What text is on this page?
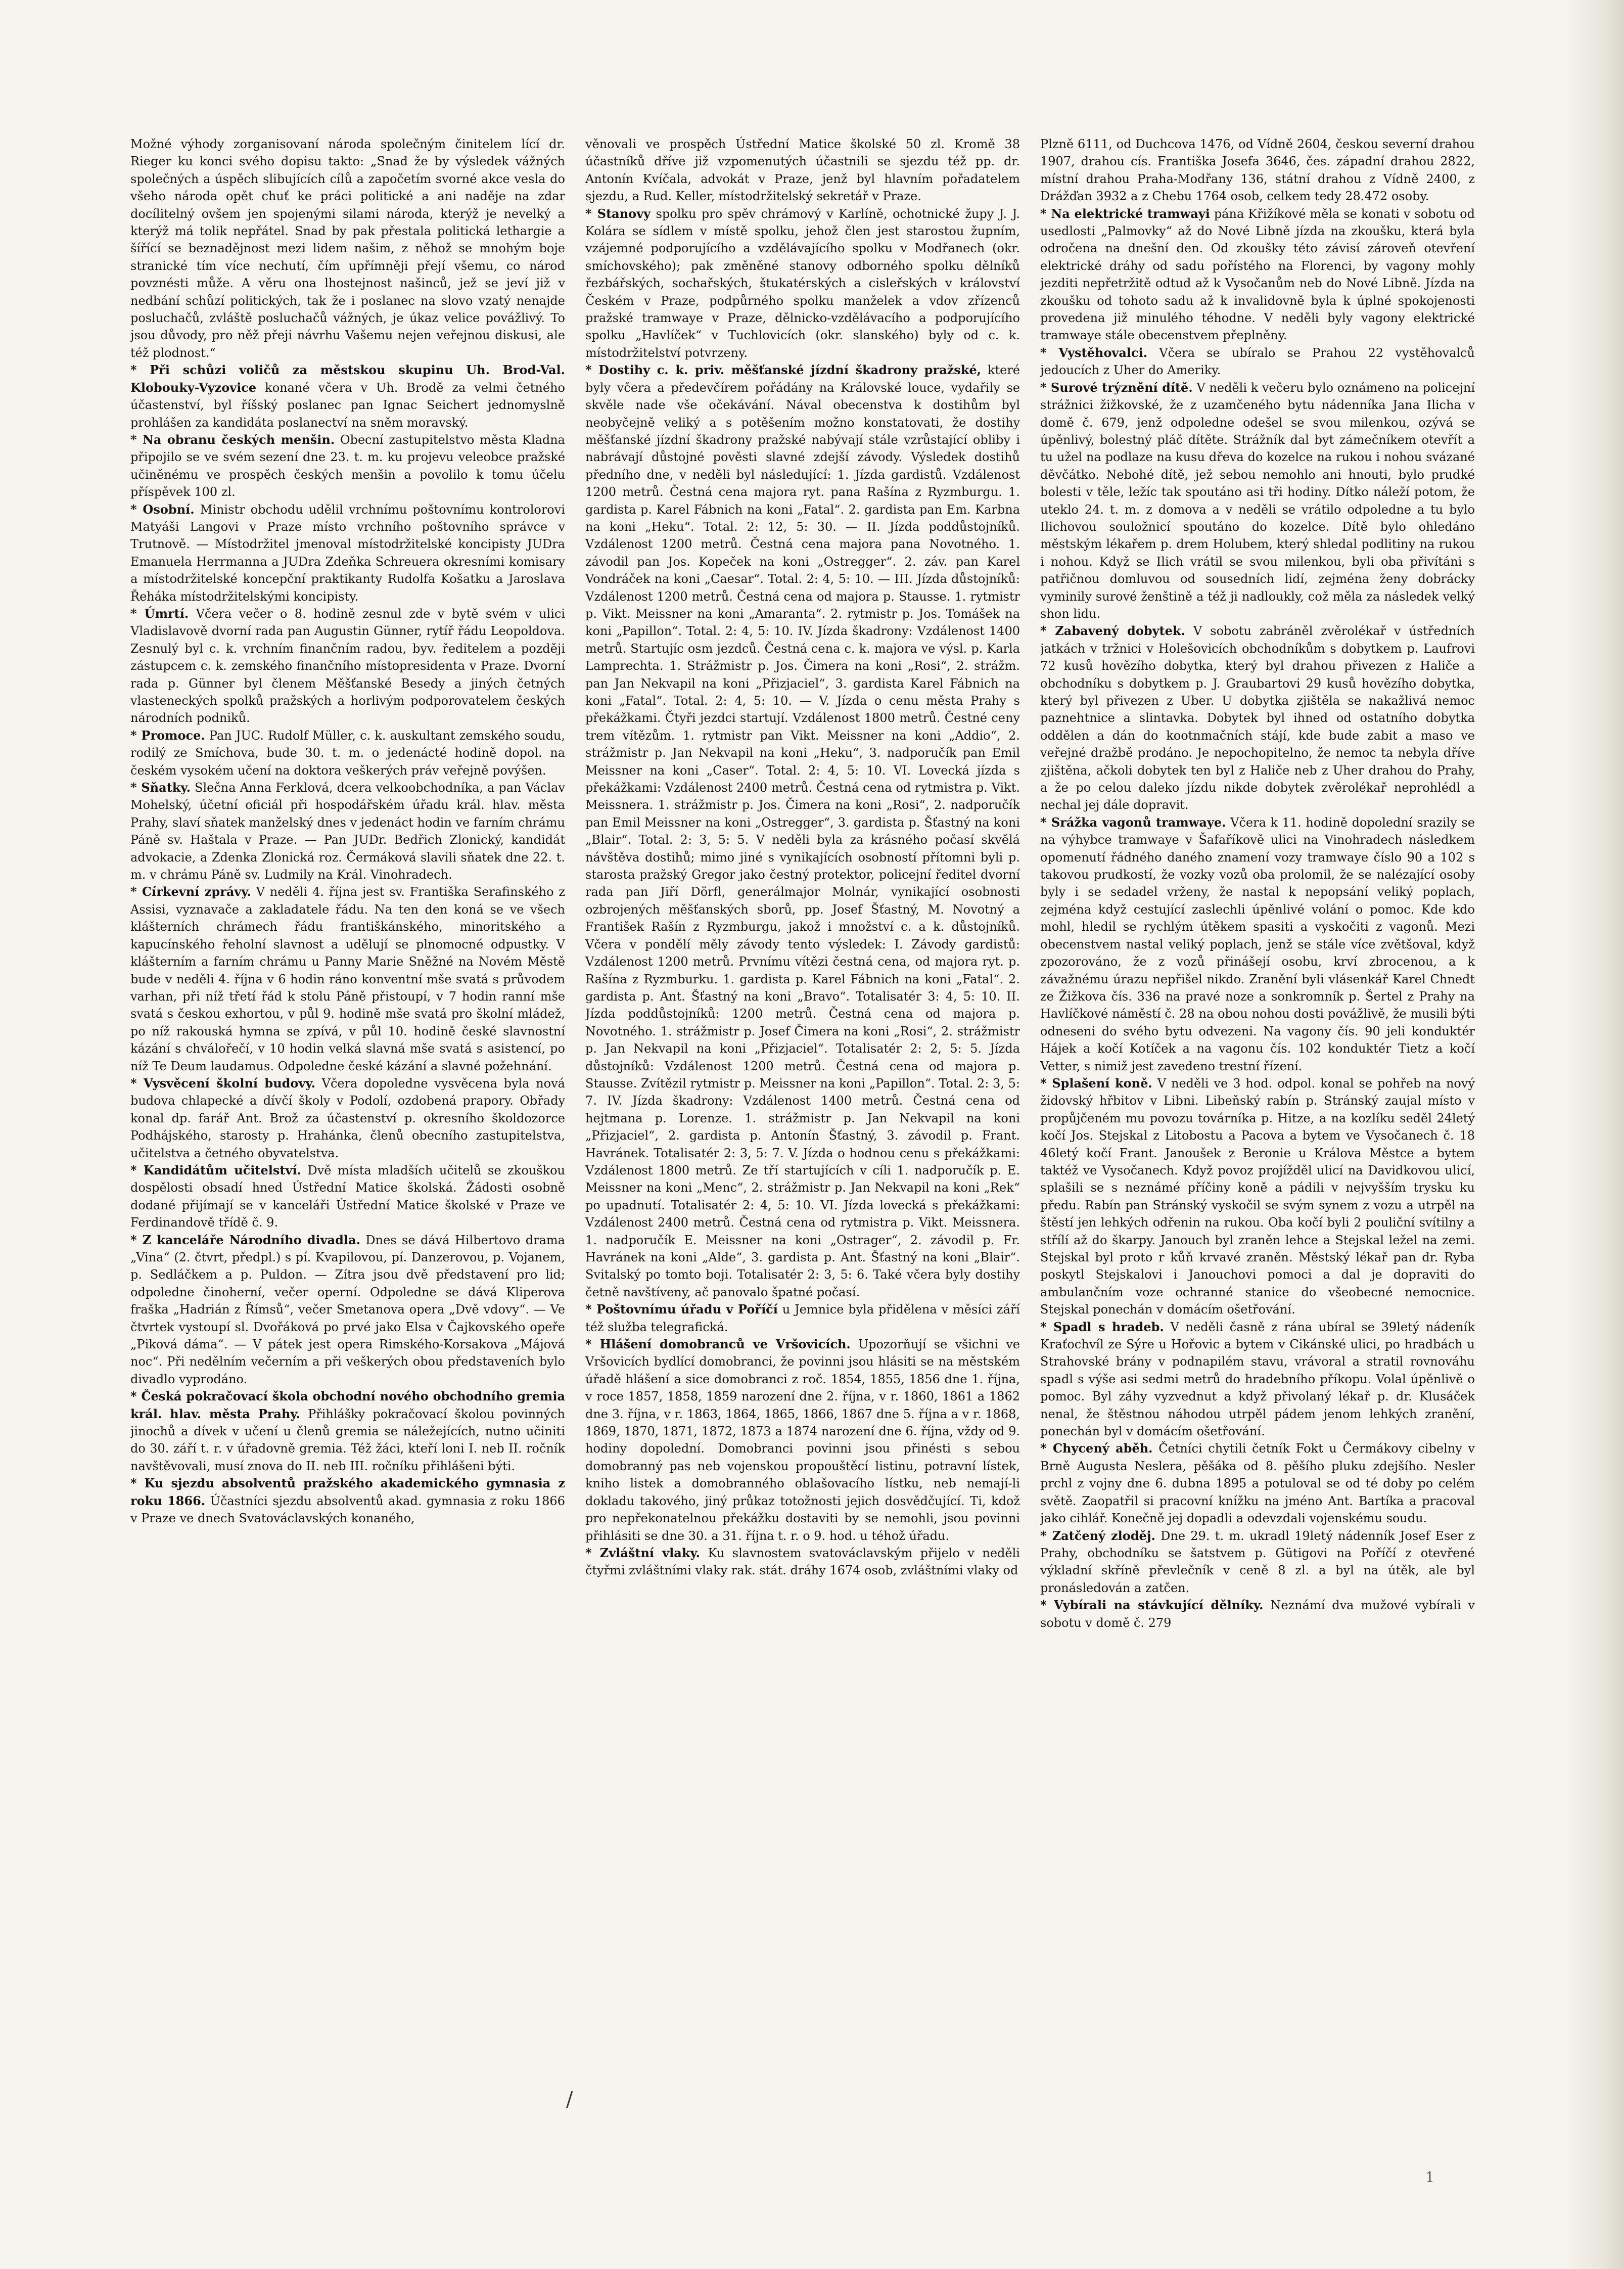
Možné výhody zorganisovaní národa společným činitelem lící dr. Rieger ku konci svého dopisu takto: „Snad že by výsledek vážných společných a úspěch slibujících cílů a započetím svorné akce vesla do všeho národa opět chuť ke práci politické a ani naděje na zdar docílitelný ovšem jen spojenými silami národa, kterýž je nevelký a kterýž má tolik nepřátel. Snad by pak přestala politická lethargie a šířící se beznadějnost mezi lidem našim, z něhož se mnohým boje stranické tím více nechutí, čím upřímněji přejí všemu, co národ povznésti může. A věru ona lhostejnost našinců, jež se jeví již v nedbání schůzí politických, tak že i poslanec na slovo vzatý nenajde posluchačů, zvláště posluchačů vážných, je úkaz velice povážlivý. To jsou důvody, pro něž přeji návrhu Vašemu nejen veřejnou diskusi, ale též plodnost.“

* Při schůzi voličů za městskou skupinu Uh. Brod-Val. Klobouky-Vyzovice konané včera v Uh. Brodě za velmi četného účastenství, byl říšský poslanec pan Ignac Seichert jednomyslně prohlášen za kandidáta poslanectví na sněm moravský.

* Na obranu českých menšin. Obecní zastupitelstvo města Kladna připojilo se ve svém sezení dne 23. t. m. ku projevu veleobce pražské učiněnému ve prospěch českých menšin a povolilo k tomu účelu příspěvek 100 zl.

* Osobní. Ministr obchodu udělil vrchnímu poštovnímu kontrolorovi Matyáši Langovi v Praze místo vrchního poštovního správce v Trutnově. — Místodržitel jmenoval místodržitelské koncipisty JUDra Emanuela Herrmanna a JUDra Zdeňka Schreuera okresními komisary a místodržitelské koncepční praktikanty Rudolfa Košatku a Jaroslava Řeháka místodržitelskými koncipisty.

* Úmrtí. Včera večer o 8. hodině zesnul zde v bytě svém v ulici Vladislavově dvorní rada pan Augustin Günner, rytíř řádu Leopoldova. Zesnulý byl c. k. vrchním finančním radou, byv. ředitelem a později zástupcem c. k. zemského finančního místopresidenta v Praze. Dvorní rada p. Günner byl členem Měšťanské Besedy a jiných četných vlasteneckých spolků pražských a horlivým podporovatelem českých národních podniků.

* Promoce. Pan JUC. Rudolf Müller, c. k. auskultant zemského soudu, rodilý ze Smíchova, bude 30. t. m. o jedenácté hodině dopol. na českém vysokém učení na doktora veškerých práv veřejně povýšen.

* Sňatky. Slečna Anna Ferklová, dcera velkoobchodníka, a pan Václav Mohelský, účetní oficiál při hospodářském úřadu král. hlav. města Prahy, slaví sňatek manželský dnes v jedenáct hodin ve farním chrámu Páně sv. Haštala v Praze. — Pan JUDr. Bedřich Zlonický, kandidát advokacie, a Zdenka Zlonická roz. Čermáková slavili sňatek dne 22. t. m. v chrámu Páně sv. Ludmily na Král. Vinohradech.

* Církevní zprávy. V neděli 4. října jest sv. Františka Serafinského z Assisi, vyznavače a zakladatele řádu. Na ten den koná se ve všech klášterních chrámech řádu františkánského, minoritského a kapucínského řeholní slavnost a udělují se plnomocné odpustky. V klášterním a farním chrámu u Panny Marie Sněžné na Novém Městě bude v neděli 4. října v 6 hodin ráno konventní mše svatá s průvodem varhan, při níž třetí řád k stolu Páně přistoupí, v 7 hodin ranní mše svatá s českou exhortou, v půl 9. hodině mše svatá pro školní mládež, po níž rakouská hymna se zpívá, v půl 10. hodině české slavnostní kázání s chválořečí, v 10 hodin velká slavná mše svatá s asistencí, po níž Te Deum laudamus. Odpoledne české kázání a slavné požehnání.

* Vysvěcení školní budovy. Včera dopoledne vysvěcena byla nová budova chlapecké a dívčí školy v Podolí, ozdobená prapory. Obřady konal dp. farář Ant. Brož za účastenství p. okresního školdozorce Podhájského, starosty p. Hrahánka, členů obecního zastupitelstva, učitelstva a četného obyvatelstva.

* Kandidátům učitelství. Dvě místa mladších učitelů se zkouškou dospělosti obsadí hned Ústřední Matice školská. Žádosti osobně dodané přijímají se v kanceláři Ústřední Matice školské v Praze ve Ferdinandově třídě č. 9.

* Z kanceláře Národního divadla. Dnes se dává Hilbertovo drama „Vina“ (2. čtvrt, předpl.) s pí. Kvapilovou, pí. Danzerovou, p. Vojanem, p. Sedláčkem a p. Puldon. — Zítra jsou dvě představení pro lid; odpoledne činoherní, večer operní. Odpoledne se dává Kliperova fraška „Hadrián z Římsů“, večer Smetanova opera „Dvě vdovy“. — Ve čtvrtek vystoupí sl. Dvořáková po prvé jako Elsa v Čajkovského opeře „Piková dáma“. — V pátek jest opera Rimského-Korsakova „Májová noc“. Při nedělním večerním a při veškerých obou představeních bylo divadlo vyprodáno.

* Česká pokračovací škola obchodní nového obchodního gremia král. hlav. města Prahy. Přihlášky pokračovací školou povinných jinochů a dívek v učení u členů gremia se náležejících, nutno učiniti do 30. září t. r. v úřadovně gremia. Též žáci, kteří loni I. neb II. ročník navštěvovali, musí znova do II. neb III. ročníku přihlášeni býti.

* Ku sjezdu absolventů pražského akademického gymnasia z roku 1866. Účastníci sjezdu absolventů akad. gymnasia z roku 1866 v Praze ve dnech Svatováclavských konaného,

věnovali ve prospěch Ústřední Matice školské 50 zl. Kromě 38 účastníků dříve již vzpomenutých účastnili se sjezdu též pp. dr. Antonín Kvíčala, advokát v Praze, jenž byl hlavním pořadatelem sjezdu, a Rud. Keller, místodržitelský sekretář v Praze.

* Stanovy spolku pro spěv chrámový v Karlíně, ochotnické župy J. J. Kolára se sídlem v místě spolku, jehož člen jest starostou župním, vzájemné podporujícího a vzdělávajícího spolku v Modřanech (okr. smíchovského); pak změněné stanovy odborného spolku dělníků řezbářských, sochařských, štukatérských a cisleřských v království Českém v Praze, podpůrného spolku manželek a vdov zřízenců pražské tramwaye v Praze, dělnicko-vzdělávacího a podporujícího spolku „Havlíček“ v Tuchlovicích (okr. slanského) byly od c. k. místodržitelství potvrzeny.

* Dostihy c. k. priv. měšťanské jízdní škadrony pražské, které byly včera a předevčírem pořádány na Královské louce, vydařily se skvěle nade vše očekávání. Nával obecenstva k dostihům byl neobyčejně veliký a s potěšením možno konstatovati, že dostihy měšťanské jízdní škadrony pražské nabývají stále vzrůstající obliby i nabrávají důstojné pověsti slavné zdejší závody. Výsledek dostihů předního dne, v neděli byl následující: 1. Jízda gardistů. Vzdálenost 1200 metrů. Čestná cena majora ryt. pana Rašína z Ryzmburgu. 1. gardista p. Karel Fábnich na koni „Fatal“. 2. gardista pan Em. Karbna na koni „Heku“. Total. 2: 12, 5: 30. — II. Jízda poddůstojníků. Vzdálenost 1200 metrů. Čestná cena majora pana Novotného. 1. závodil pan Jos. Kopeček na koni „Ostregger“. 2. záv. pan Karel Vondráček na koni „Caesar“. Total. 2: 4, 5: 10. — III. Jízda důstojníků: Vzdálenost 1200 metrů. Čestná cena od majora p. Stausse. 1. rytmistr p. Vikt. Meissner na koni „Amaranta“. 2. rytmistr p. Jos. Tomášek na koni „Papillon“. Total. 2: 4, 5: 10. IV. Jízda škadrony: Vzdálenost 1400 metrů. Startujíc osm jezdců. Čestná cena c. k. majora ve výsl. p. Karla Lamprechta. 1. Strážmistr p. Jos. Čimera na koni „Rosi“, 2. strážm. pan Jan Nekvapil na koni „Přizjaciel“, 3. gardista Karel Fábnich na koni „Fatal“. Total. 2: 4, 5: 10. — V. Jízda o cenu města Prahy s překážkami. Čtyři jezdci startují. Vzdálenost 1800 metrů. Čestné ceny trem vítězům. 1. rytmistr pan Vikt. Meissner na koni „Addio“, 2. strážmistr p. Jan Nekvapil na koni „Heku“, 3. nadporučík pan Emil Meissner na koni „Caser“. Total. 2: 4, 5: 10. VI. Lovecká jízda s překážkami: Vzdálenost 2400 metrů. Čestná cena od rytmistra p. Vikt. Meissnera. 1. strážmistr p. Jos. Čimera na koni „Rosi“, 2. nadporučík pan Emil Meissner na koni „Ostregger“, 3. gardista p. Šťastný na koni „Blair“. Total. 2: 3, 5: 5. V neděli byla za krásného počasí skvělá návštěva dostihů; mimo jiné s vynikajících osobností přítomni byli p. starosta pražský Gregor jako čestný protektor, policejní ředitel dvorní rada pan Jiří Dörfl, generálmajor Molnár, vynikající osobnosti ozbrojených měšťanských sborů, pp. Josef Šťastný, M. Novotný a František Rašín z Ryzmburgu, jakož i množství c. a k. důstojníků. Včera v pondělí měly závody tento výsledek: I. Závody gardistů: Vzdálenost 1200 metrů. Prvnímu vítězi čestná cena, od majora ryt. p. Rašína z Ryzmburku. 1. gardista p. Karel Fábnich na koni „Fatal“. 2. gardista p. Ant. Šťastný na koni „Bravo“. Totalisatér 3: 4, 5: 10. II. Jízda poddůstojníků: 1200 metrů. Čestná cena od majora p. Novotného. 1. strážmistr p. Josef Čimera na koni „Rosi“, 2. strážmistr p. Jan Nekvapil na koni „Přizjaciel“. Totalisatér 2: 2, 5: 5. Jízda důstojníků: Vzdálenost 1200 metrů. Čestná cena od majora p. Stausse. Zvítězil rytmistr p. Meissner na koni „Papillon“. Total. 2: 3, 5: 7. IV. Jízda škadrony: Vzdálenost 1400 metrů. Čestná cena od hejtmana p. Lorenze. 1. strážmistr p. Jan Nekvapil na koni „Přizjaciel“, 2. gardista p. Antonín Šťastný, 3. závodil p. Frant. Havránek. Totalisatér 2: 3, 5: 7. V. Jízda o hodnou cenu s překážkami: Vzdálenost 1800 metrů. Ze tří startujících v cíli 1. nadporučík p. E. Meissner na koni „Menc“, 2. strážmistr p. Jan Nekvapil na koni „Rek“ po upadnutí. Totalisatér 2: 4, 5: 10. VI. Jízda lovecká s překážkami: Vzdálenost 2400 metrů. Čestná cena od rytmistra p. Vikt. Meissnera. 1. nadporučík E. Meissner na koni „Ostrager“, 2. závodil p. Fr. Havránek na koni „Alde“, 3. gardista p. Ant. Šťastný na koni „Blair“. Svitalský po tomto boji. Totalisatér 2: 3, 5: 6. Také včera byly dostihy četně navštíveny, ač panovalo špatné počasí.

* Poštovnímu úřadu v Poříčí u Jemnice byla přidělena v měsíci září též služba telegrafická.

* Hlášení domobranců ve Vršovicích. Upozorňují se všichni ve Vršovicích bydlící domobranci, že povinni jsou hlásiti se na městském úřadě hlášení a sice domobranci z roč. 1854, 1855, 1856 dne 1. října, v roce 1857, 1858, 1859 narození dne 2. října, v r. 1860, 1861 a 1862 dne 3. října, v r. 1863, 1864, 1865, 1866, 1867 dne 5. října a v r. 1868, 1869, 1870, 1871, 1872, 1873 a 1874 narození dne 6. října, vždy od 9. hodiny dopolední. Domobranci povinni jsou přinésti s sebou domobranný pas neb vojenskou propouštěcí listinu, potravní lístek, kniho listek a domobranného oblašovacího lístku, neb nemají-li dokladu takového, jiný průkaz totožnosti jejich dosvědčující. Ti, kdož pro nepřekonatelnou překážku dostaviti by se nemohli, jsou povinni přihlásiti se dne 30. a 31. října t. r. o 9. hod. u téhož úřadu.

* Zvláštní vlaky. Ku slavnostem svatováclavským přijelo v neděli čtyřmi zvláštními vlaky rak. stát. dráhy 1674 osob, zvláštními vlaky od

Plzně 6111, od Duchcova 1476, od Vídně 2604, českou severní drahou 1907, drahou cís. Františka Josefa 3646, čes. západní drahou 2822, místní drahou Praha-Modřany 136, státní drahou z Vídně 2400, z Drážďan 3932 a z Chebu 1764 osob, celkem tedy 28.472 osoby.

* Na elektrické tramwayi pána Křižíkové měla se konati v sobotu od usedlosti „Palmovky“ až do Nové Libně jízda na zkoušku, která byla odročena na dnešní den. Od zkoušky této závisí zároveň otevření elektrické dráhy od sadu pořístého na Florenci, by vagony mohly jezditi nepřetržitě odtud až k Vysočanům neb do Nové Libně. Jízda na zkoušku od tohoto sadu až k invalidovně byla k úplné spokojenosti provedena již minulého téhodne. V neděli byly vagony elektrické tramwaye stále obecenstvem přeplněny.

* Vystěhovalci. Včera se ubíralo se Prahou 22 vystěhovalců jedoucích z Uher do Ameriky.

* Surové trýznění dítě. V neděli k večeru bylo oznámeno na policejní strážnici žižkovské, že z uzamčeného bytu nádenníka Jana Ilicha v domě č. 679, jenž odpoledne odešel se svou milenkou, ozývá se úpěnlivý, bolestný pláč dítěte. Strážník dal byt zámečníkem otevřít a tu užel na podlaze na kusu dřeva do kozelce na rukou i nohou svázané děvčátko. Nebohé dítě, jež sebou nemohlo ani hnouti, bylo prudké bolesti v těle, ležíc tak spoutáno asi tři hodiny. Dítko náleží potom, že uteklo 24. t. m. z domova a v neděli se vrátilo odpoledne a tu bylo Ilichovou souložnicí spoutáno do kozelce. Dítě bylo ohledáno městským lékařem p. drem Holubem, který shledal podlitiny na rukou i nohou. Když se Ilich vrátil se svou milenkou, byli oba přivítáni s patřičnou domluvou od sousedních lidí, zejména ženy dobrácky vyminily surové ženštině a též ji nadloukly, což měla za následek velký shon lidu.

* Zabavený dobytek. V sobotu zabráněl zvěrolékař v ústředních jatkách v tržnici v Holešovicích obchodníkům s dobytkem p. Laufrovi 72 kusů hovězího dobytka, který byl drahou přivezen z Haliče a obchodníku s dobytkem p. J. Graubartovi 29 kusů hovězího dobytka, který byl přivezen z Uber. U dobytka zjištěla se nakažlivá nemoc paznehtnice a slintavka. Dobytek byl ihned od ostatního dobytka oddělen a dán do kootnmačních stájí, kde bude zabit a maso ve veřejné dražbě prodáno. Je nepochopitelno, že nemoc ta nebyla dříve zjištěna, ačkoli dobytek ten byl z Haliče neb z Uher drahou do Prahy, a že po celou daleko jízdu nikde dobytek zvěrolékař neprohlédl a nechal jej dále dopravit.

* Srážka vagonů tramwaye. Včera k 11. hodině dopolední srazily se na výhybce tramwaye v Šafaříkově ulici na Vinohradech následkem opomenutí řádného daného znamení vozy tramwaye číslo 90 a 102 s takovou prudkostí, že vozky vozů oba prolomil, že se nalézající osoby byly i se sedadel vrženy, že nastal k nepopsání veliký poplach, zejména když cestující zaslechli úpěnlivé volání o pomoc. Kde kdo mohl, hledil se rychlým útěkem spasiti a vyskočiti z vagonů. Mezi obecenstvem nastal veliký poplach, jenž se stále více zvětšoval, když zpozorováno, že z vozů přinášejí osobu, krví zbrocenou, a k závažnému úrazu nepřišel nikdo. Zranění byli vlásenkář Karel Chnedt ze Žižkova čís. 336 na pravé noze a sonkromník p. Šertel z Prahy na Havlíčkové náměstí č. 28 na obou nohou dosti povážlivě, že musili býti odneseni do svého bytu odvezeni. Na vagony čís. 90 jeli konduktér Hájek a kočí Kotíček a na vagonu čís. 102 konduktér Tietz a kočí Vetter, s nimiž jest zavedeno trestní řízení.

* Splašení koně. V neděli ve 3 hod. odpol. konal se pohřeb na nový židovský hřbitov v Libni. Libeňský rabín p. Stránský zaujal místo v propůjčeném mu povozu továrníka p. Hitze, a na kozlíku seděl 24letý kočí Jos. Stejskal z Litobostu a Pacova a bytem ve Vysočanech č. 18 46letý kočí Frant. Janoušek z Beronie u Králova Městce a bytem taktéž ve Vysočanech. Když povoz projížděl ulicí na Davidkovou ulicí, splašili se s neznámé příčiny koně a pádili v nejvyšším trysku ku předu. Rabín pan Stránský vyskočil se svým synem z vozu a utrpěl na štěstí jen lehkých odřenin na rukou. Oba kočí byli 2 pouliční svítilny a střílí až do škarpy. Janouch byl zraněn lehce a Stejskal ležel na zemi. Stejskal byl proto r kůň krvavé zraněn. Městský lékař pan dr. Ryba poskytl Stejskalovi i Janouchovi pomoci a dal je dopraviti do ambulančním voze ochranné stanice do všeobecné nemocnice. Stejskal ponechán v domácím ošetřování.

* Spadl s hradeb. V neděli časně z rána ubíral se 39letý nádeník Kraťochvíl ze Sýre u Hořovic a bytem v Cikánské ulici, po hradbách u Strahovské brány v podnapilém stavu, vrávoral a stratil rovnováhu spadl s výše asi sedmi metrů do hradebního příkopu. Volal úpěnlivě o pomoc. Byl záhy vyzvednut a když přivolaný lékař p. dr. Klusáček nenal, že štěstnou náhodou utrpěl pádem jenom lehkých zranění, ponechán byl v domácím ošetřování.

* Chycený aběh. Četníci chytili četník Fokt u Čermákovy cibelny v Brně Augusta Neslera, pěšáka od 8. pěšího pluku zdejšího. Nesler prchl z vojny dne 6. dubna 1895 a potuloval se od té doby po celém světě. Zaopatřil si pracovní knížku na jméno Ant. Bartíka a pracoval jako cihlář. Konečně jej dopadli a odevzdali vojenskému soudu.

* Zatčený zloděj. Dne 29. t. m. ukradl 19letý nádenník Josef Eser z Prahy, obchodníku se šatstvem p. Gütigovi na Poříčí z otevřené výkladní skříně převlečník v ceně 8 zl. a byl na útěk, ale byl pronásledován a zatčen.

* Vybírali na stávkující dělníky. Neznámí dva mužové vybírali v sobotu v domě č. 279

/
1
